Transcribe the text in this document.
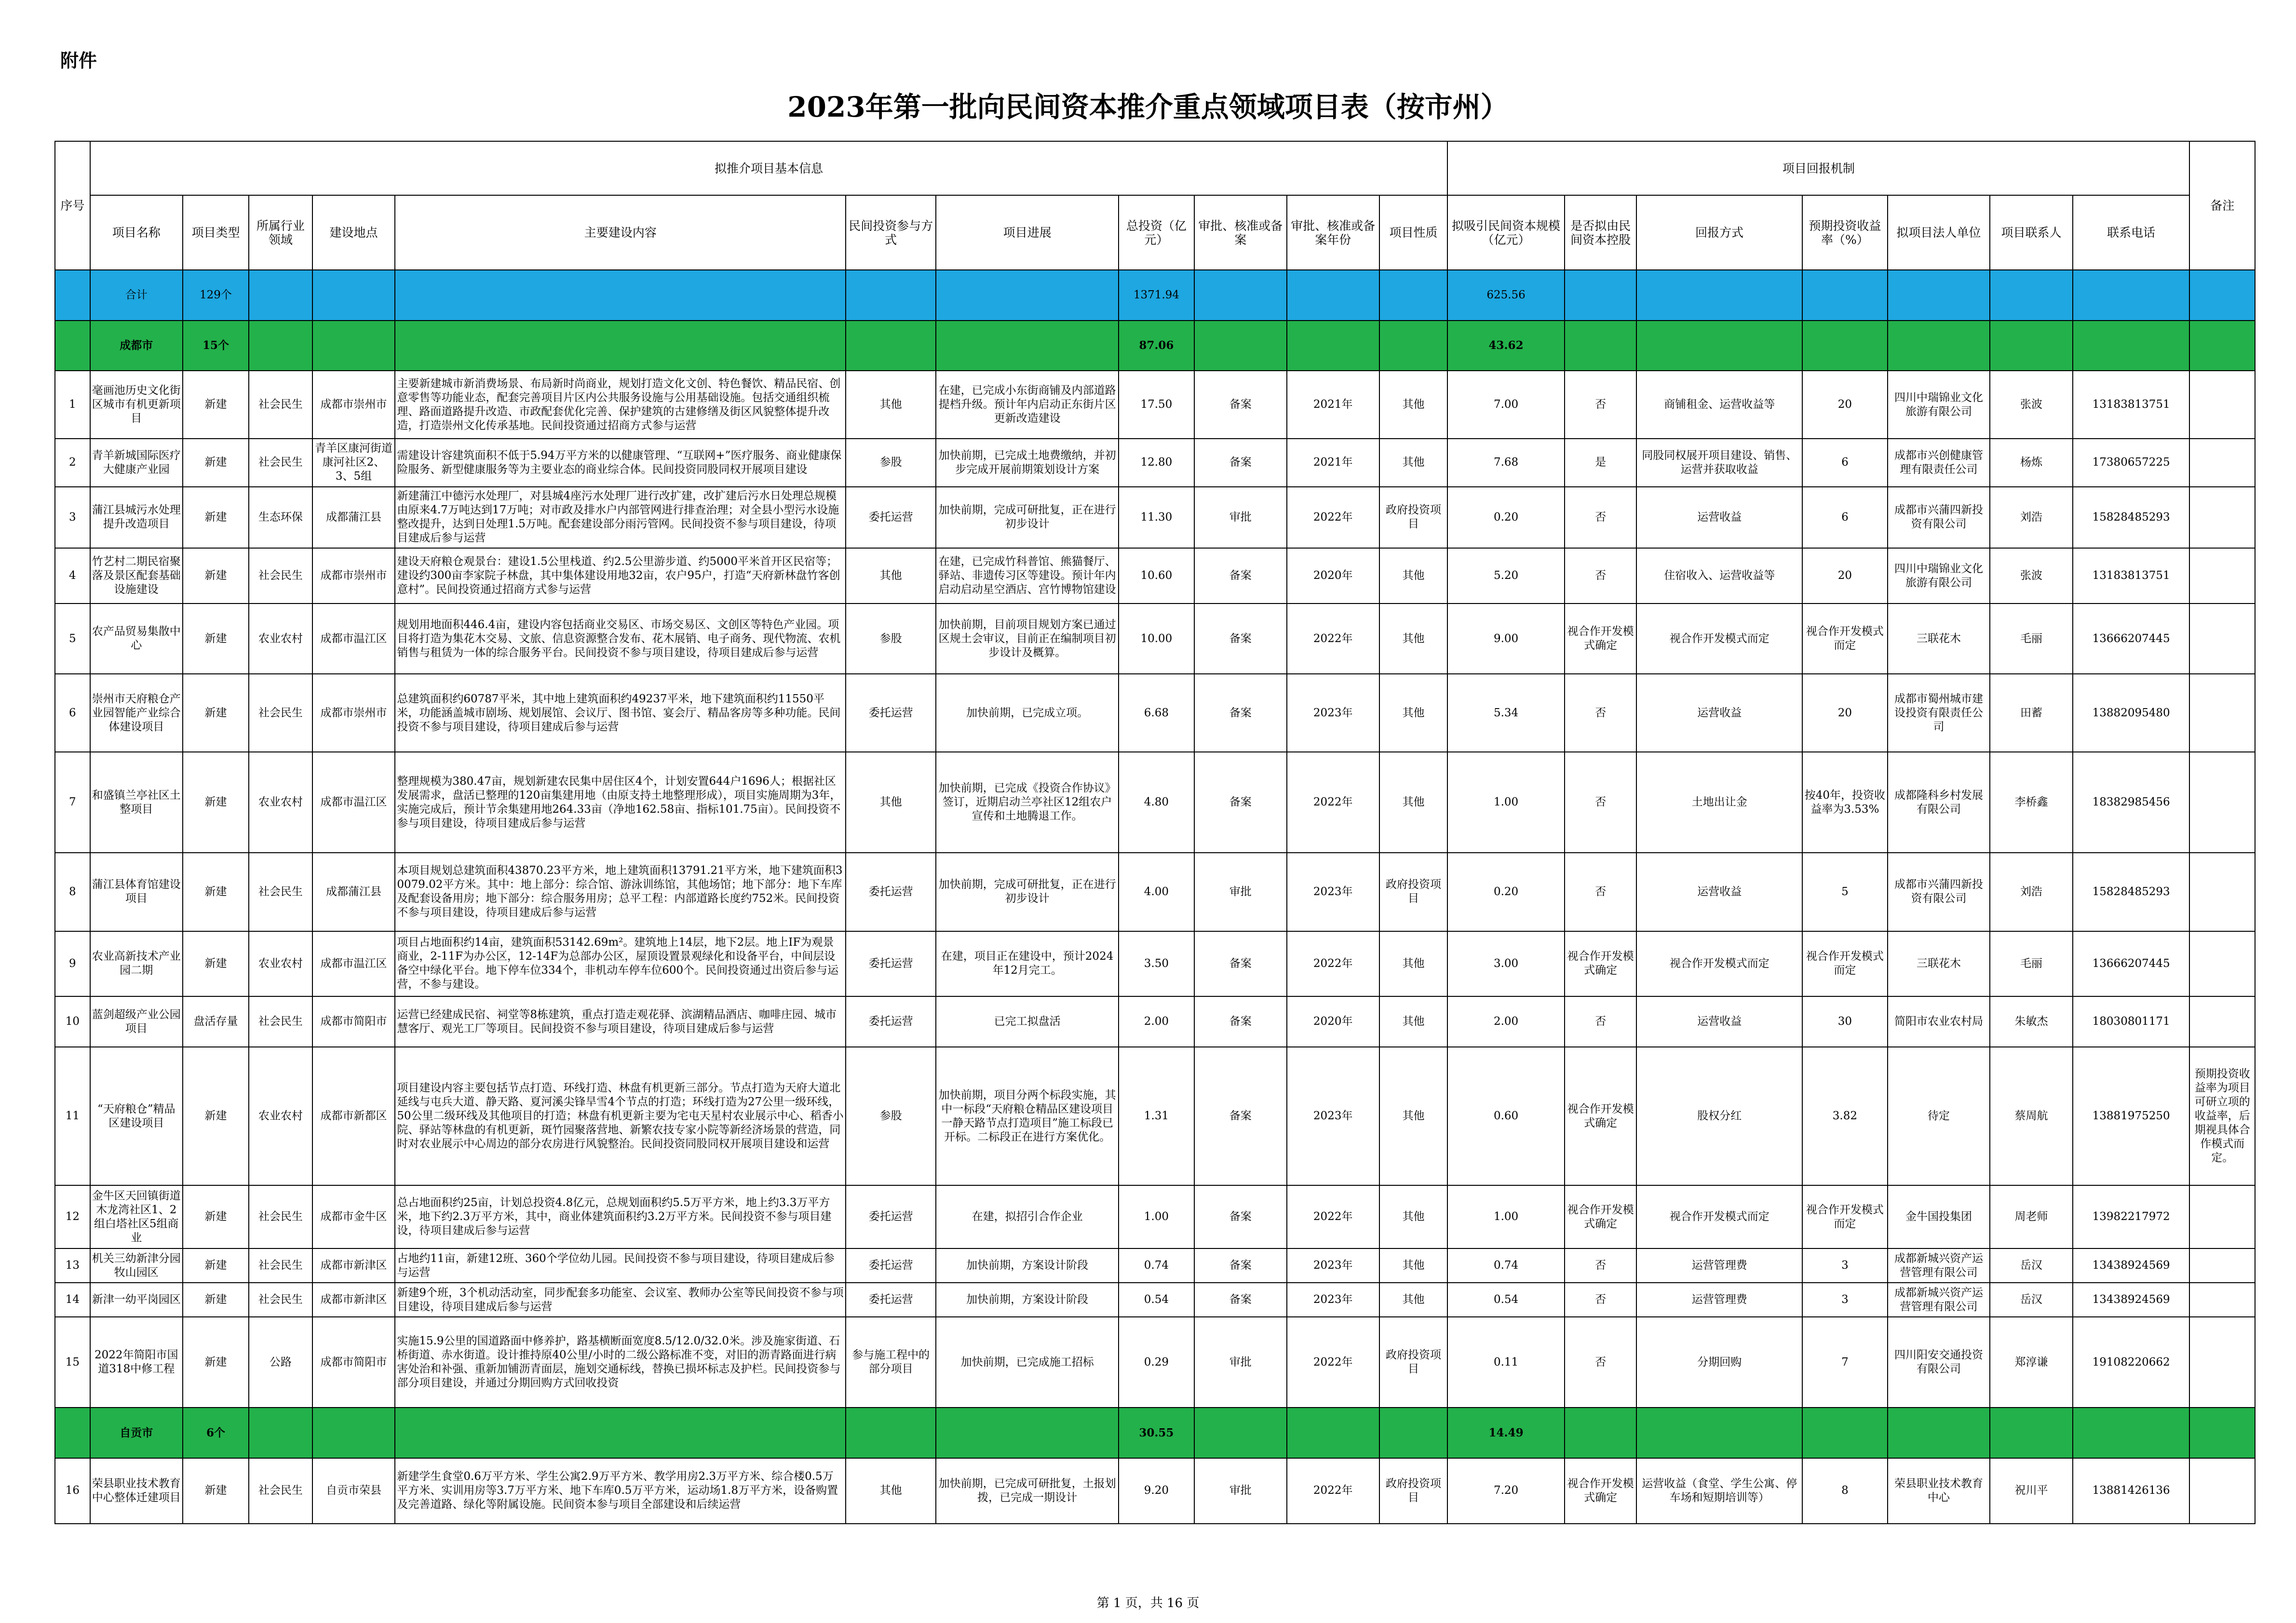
附件
2023年第一批向民间资本推介重点领域项目表（按市州）
序号	拟推介项目基本信息											项目回报机制							备注
	项目名称	项目类型	所属行业领域	建设地点	主要建设内容	民间投资参与方式	项目进展	总投资（亿元）	审批、核准或备案	审批、核准或备案年份	项目性质	拟吸引民间资本规模（亿元）	是否拟由民间资本控股	回报方式	预期投资收益率（%）	拟项目法人单位	项目联系人	联系电话	
	合计	129个						1371.94				625.56							
	成都市	15个						87.06				43.62							
1	毫画池历史文化街区城市有机更新项目	新建	社会民生	成都市崇州市	主要新建城市新消费场景、布局新时尚商业，规划打造文化文创、特色餐饮、精品民宿、创意零售等功能业态，配套完善项目片区内公共服务设施与公用基础设施。包括交通组织梳理、路面道路提升改造、市政配套优化完善、保护建筑的古建修缮及街区风貌整体提升改造，打造崇州文化传承基地。民间投资通过招商方式参与运营	其他	在建，已完成小东街商铺及内部道路提档升级。预计年内启动正东街片区更新改造建设	17.50	备案	2021年	其他	7.00	否	商铺租金、运营收益等	20	四川中瑞锦业文化旅游有限公司	张波	13183813751	
2	青羊新城国际医疗大健康产业园	新建	社会民生	青羊区康河街道康河社区2、3、5组	需建设计容建筑面积不低于5.94万平方米的以健康管理、“互联网+”医疗服务、商业健康保险服务、新型健康服务等为主要业态的商业综合体。民间投资同股同权开展项目建设	参股	加快前期，已完成土地费缴纳，并初步完成开展前期策划设计方案	12.80	备案	2021年	其他	7.68	是	同股同权展开项目建设、销售、运营并获取收益	6	成都市兴创健康管理有限责任公司	杨炼	17380657225	
3	蒲江县城污水处理提升改造项目	新建	生态环保	成都蒲江县	新建蒲江中德污水处理厂，对县城4座污水处理厂进行改扩建，改扩建后污水日处理总规模由原来4.7万吨达到17万吨；对市政及排水户内部管网进行排查治理；对全县小型污水设施整改提升，达到日处理1.5万吨。配套建设部分雨污管网。民间投资不参与项目建设，待项目建成后参与运营	委托运营	加快前期，完成可研批复，正在进行初步设计	11.30	审批	2022年	政府投资项目	0.20	否	运营收益	6	成都市兴蒲四新投资有限公司	刘浩	15828485293	
4	竹艺村二期民宿聚落及景区配套基础设施建设	新建	社会民生	成都市崇州市	建设天府粮仓观景台：建设1.5公里栈道、约2.5公里游步道、约5000平米首开区民宿等；建设约300亩李家院子林盘，其中集体建设用地32亩，农户95户，打造“天府新林盘竹客创意村”。民间投资通过招商方式参与运营	其他	在建，已完成竹科普馆、熊猫餐厅、驿站、非遗传习区等建设。预计年内启动启动星空酒店、宫竹博物馆建设	10.60	备案	2020年	其他	5.20	否	住宿收入、运营收益等	20	四川中瑞锦业文化旅游有限公司	张波	13183813751	
5	农产品贸易集散中心	新建	农业农村	成都市温江区	规划用地面积446.4亩，建设内容包括商业交易区、市场交易区、文创区等特色产业园。项目将打造为集花木交易、文旅、信息资源整合发布、花木展销、电子商务、现代物流、农机销售与租赁为一体的综合服务平台。民间投资不参与项目建设，待项目建成后参与运营	参股	加快前期，目前项目规划方案已通过区规土会审议，目前正在编制项目初步设计及概算。	10.00	备案	2022年	其他	9.00	视合作开发模式确定	视合作开发模式而定	视合作开发模式而定	三联花木	毛丽	13666207445	
6	崇州市天府粮仓产业园智能产业综合体建设项目	新建	社会民生	成都市崇州市	总建筑面积约60787平米，其中地上建筑面积约49237平米，地下建筑面积约11550平米，功能涵盖城市剧场、规划展馆、会议厅、图书馆、宴会厅、精品客房等多种功能。民间投资不参与项目建设，待项目建成后参与运营	委托运营	加快前期，已完成立项。	6.68	备案	2023年	其他	5.34	否	运营收益	20	成都市蜀州城市建设投资有限责任公司	田蓄	13882095480	
7	和盛镇兰亭社区土整项目	新建	农业农村	成都市温江区	整理规模为380.47亩，规划新建农民集中居住区4个，计划安置644户1696人；根据社区发展需求，盘活已整理的120亩集建用地（由原支持土地整理形成），项目实施周期为3年，实施完成后，预计节余集建用地264.33亩（净地162.58亩、指标101.75亩）。民间投资不参与项目建设，待项目建成后参与运营	其他	加快前期，已完成《投资合作协议》签订，近期启动兰亭社区12组农户宣传和土地腾退工作。	4.80	备案	2022年	其他	1.00	否	土地出让金	按40年，投资收益率为3.53%	成都隆科乡村发展有限公司	李桥鑫	18382985456	
8	蒲江县体育馆建设项目	新建	社会民生	成都蒲江县	本项目规划总建筑面积43870.23平方米，地上建筑面积13791.21平方米，地下建筑面积30079.02平方米。其中：地上部分：综合馆、游泳训练馆，其他场馆；地下部分：地下车库及配套设备用房；地下部分：综合服务用房；总平工程：内部道路长度约752米。民间投资不参与项目建设，待项目建成后参与运营	委托运营	加快前期，完成可研批复，正在进行初步设计	4.00	审批	2023年	政府投资项目	0.20	否	运营收益	5	成都市兴蒲四新投资有限公司	刘浩	15828485293	
9	农业高新技术产业园二期	新建	农业农村	成都市温江区	项目占地面积约14亩，建筑面积53142.69m²。建筑地上14层，地下2层。地上IF为观景商业，2-11F为办公区，12-14F为总部办公区，屋顶设置景观绿化和设备平台，中间层设备空中绿化平台。地下停车位334个，非机动车停车位600个。民间投资通过出资后参与运营，不参与建设。	委托运营	在建，项目正在建设中，预计2024年12月完工。	3.50	备案	2022年	其他	3.00	视合作开发模式确定	视合作开发模式而定	视合作开发模式而定	三联花木	毛丽	13666207445	
10	蓝剑超级产业公园项目	盘活存量	社会民生	成都市简阳市	运营已经建成民宿、祠堂等8栋建筑，重点打造走观花驿、滨湖精品酒店、咖啡庄园、城市慧客厅、观光工厂等项目。民间投资不参与项目建设，待项目建成后参与运营	委托运营	已完工拟盘活	2.00	备案	2020年	其他	2.00	否	运营收益	30	简阳市农业农村局	朱敏杰	18030801171	
11	“天府粮仓”精品区建设项目	新建	农业农村	成都市新都区	项目建设内容主要包括节点打造、环线打造、林盘有机更新三部分。节点打造为天府大道北延线与屯兵大道、静天路、夏河溪尖锋旱雪4个节点的打造；环线打造为27公里一级环线，50公里二级环线及其他项目的打造；林盘有机更新主要为宅屯天星村农业展示中心、稻香小院、驿站等林盘的有机更新，斑竹园聚落营地、新繁农技专家小院等新经济场景的营造，同时对农业展示中心周边的部分农房进行风貌整治。民间投资同股同权开展项目建设和运营	参股	加快前期，项目分两个标段实施，其中一标段“天府粮仓精品区建设项目一静天路节点打造项目”施工标段已开标。二标段正在进行方案优化。	1.31	备案	2023年	其他	0.60	视合作开发模式确定	股权分红	3.82	待定	蔡周航	13881975250	预期投资收益率为项目可研立项的收益率，后期视具体合作模式而定。
12	金牛区天回镇街道木龙湾社区1、2组白塔社区5组商业	新建	社会民生	成都市金牛区	总占地面积约25亩，计划总投资4.8亿元，总规划面积约5.5万平方米，地上约3.3万平方米，地下约2.3万平方米，其中，商业体建筑面积约3.2万平方米。民间投资不参与项目建设，待项目建成后参与运营	委托运营	在建，拟招引合作企业	1.00	备案	2022年	其他	1.00	视合作开发模式确定	视合作开发模式而定	视合作开发模式而定	金牛国投集团	周老师	13982217972	
13	机关三幼新津分园牧山园区	新建	社会民生	成都市新津区	占地约11亩，新建12班、360个学位幼儿园。民间投资不参与项目建设，待项目建成后参与运营	委托运营	加快前期，方案设计阶段	0.74	备案	2023年	其他	0.74	否	运营管理费	3	成都新城兴资产运营管理有限公司	岳汉	13438924569	
14	新津一幼平岗园区	新建	社会民生	成都市新津区	新建9个班，3个机动活动室，同步配套多功能室、会议室、教师办公室等民间投资不参与项目建设，待项目建成后参与运营	委托运营	加快前期，方案设计阶段	0.54	备案	2023年	其他	0.54	否	运营管理费	3	成都新城兴资产运营管理有限公司	岳汉	13438924569	
15	2022年简阳市国道318中修工程	新建	公路	成都市简阳市	实施15.9公里的国道路面中修养护，路基横断面宽度8.5/12.0/32.0米。涉及施家街道、石桥街道、赤水街道。设计推持原40公里/小时的二级公路标准不变，对旧的沥青路面进行病害处治和补强、重新加铺沥青面层，施划交通标线，替换已损坏标志及护栏。民间投资参与部分项目建设，并通过分期回购方式回收投资	参与施工程中的部分项目	加快前期，已完成施工招标	0.29	审批	2022年	政府投资项目	0.11	否	分期回购	7	四川阳安交通投资有限公司	郑淳谦	19108220662	
	自贡市	6个						30.55				14.49							
16	荣县职业技术教育中心整体迁建项目	新建	社会民生	自贡市荣县	新建学生食堂0.6万平方米、学生公寓2.9万平方米、教学用房2.3万平方米、综合楼0.5万平方米、实训用房等3.7万平方米、地下车库0.5万平方米，运动场1.8万平方米，设备购置及完善道路、绿化等附属设施。民间资本参与项目全部建设和后续运营	其他	加快前期，已完成可研批复，土报划拨，已完成一期设计	9.20	审批	2022年	政府投资项目	7.20	视合作开发模式确定	运营收益（食堂、学生公寓、停车场和短期培训等）	8	荣县职业技术教育中心	祝川平	13881426136	
第 1 页，共 16 页
